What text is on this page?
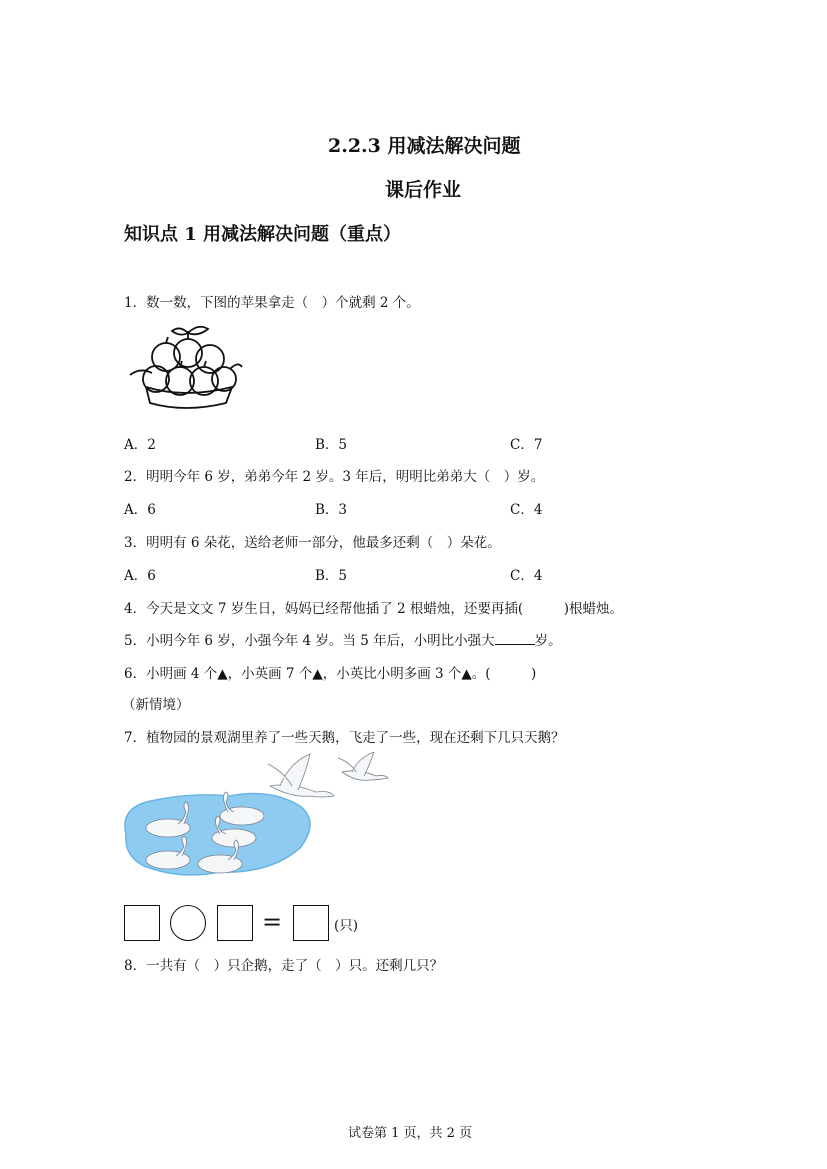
2.2.3 用减法解决问题
课后作业
知识点 1 用减法解决问题（重点）
1．数一数，下图的苹果拿走（　）个就剩 2 个。
A．2	B．5	C．7
2．明明今年 6 岁，弟弟今年 2 岁。3 年后，明明比弟弟大（　）岁。
A．6	B．3	C．4
3．明明有 6 朵花，送给老师一部分，他最多还剩（　）朵花。
A．6	B．5	C．4
4．今天是文文 7 岁生日，妈妈已经帮他插了 2 根蜡烛，还要再插(　　　)根蜡烛。
5．小明今年 6 岁，小强今年 4 岁。当 5 年后，小明比小强大	岁。
6．小明画 4 个▲，小英画 7 个▲，小英比小明多画 3 个▲。(　　　)
（新情境）
7．植物园的景观湖里养了一些天鹅，飞走了一些，现在还剩下几只天鹅？
=	(只)
8．一共有（　）只企鹅，走了（　）只。还剩几只？
试卷第 1 页，共 2 页
